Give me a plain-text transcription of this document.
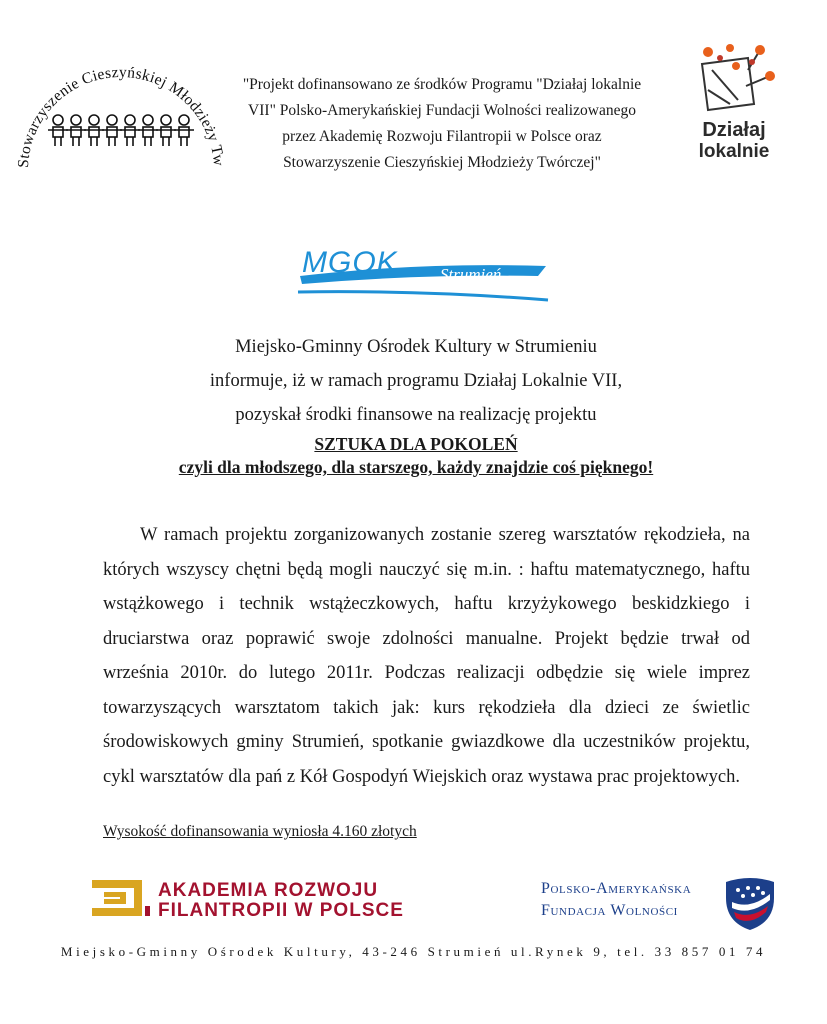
Stowarzyszenie Cieszyńskiej Młodzieży T
"Projekt dofinansowano ze środków Programu "Działaj lokalnie
VII" Polsko-Amerykańskiej Fundacji Wolności realizowanego
przez Akademię Rozwoju Filantropii w Polsce oraz
Stowarzyszenie Cieszyńskiej Młodzieży Twórczej"
Działaj
lokalnie
MGOK Strumień
Miejsko-Gminny Ośrodek Kultury w Strumieniu
informuje, iż w ramach programu Działaj Lokalnie VII,
pozyskał środki finansowe na realizację projektu
SZTUKA DLA POKOLEŃ
czyli dla młodszego, dla starszego, każdy znajdzie coś pięknego!
W ramach projektu zorganizowanych zostanie szereg warsztatów rękodzieła, na których wszyscy chętni będą mogli nauczyć się m.in. : haftu matematycznego, haftu wstążkowego i technik wstążeczkowych, haftu krzyżykowego beskidzkiego i druciarstwa oraz poprawić swoje zdolności manualne. Projekt będzie trwał od września 2010r. do lutego 2011r. Podczas realizacji odbędzie się wiele imprez towarzyszących warsztatom takich jak: kurs rękodzieła dla dzieci ze świetlic środowiskowych gminy Strumień, spotkanie gwiazdkowe dla uczestników projektu, cykl warsztatów dla pań z Kół Gospodyń Wiejskich oraz wystawa prac projektowych.
Wysokość dofinansowania wyniosła 4.160 złotych
AKADEMIA ROZWOJU
FILANTROPII W POLSCE
Polsko-Amerykańska
Fundacja Wolności
Miejsko-Gminny Ośrodek Kultury, 43-246 Strumień ul.Rynek 9, tel. 33 857 01 74
